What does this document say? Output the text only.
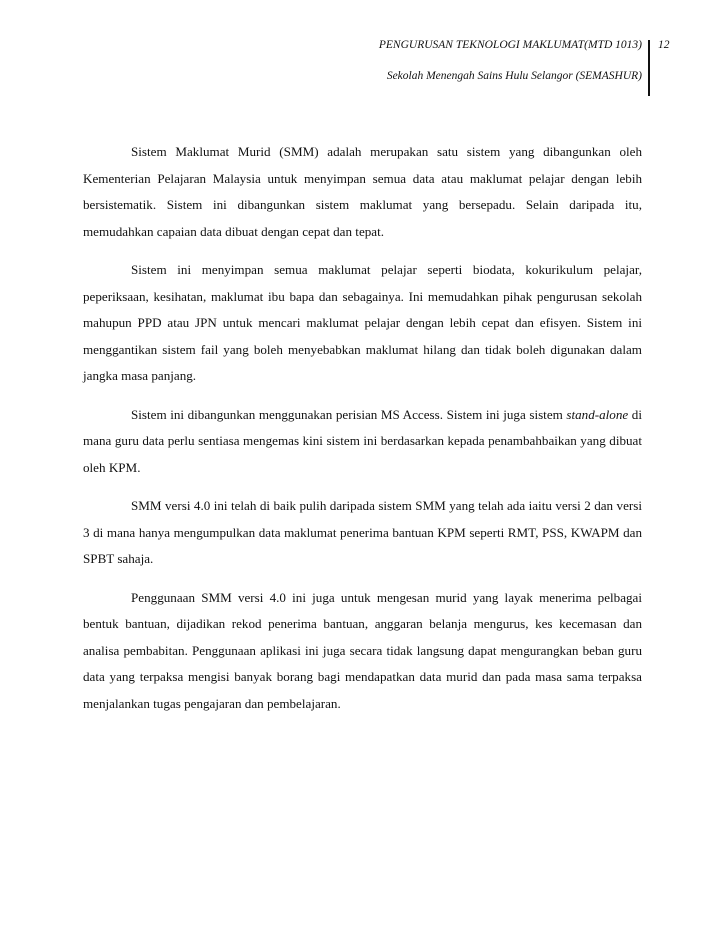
PENGURUSAN TEKNOLOGI MAKLUMAT(MTD 1013)
Sekolah Menengah Sains Hulu Selangor (SEMASHUR)
12

Sistem Maklumat Murid (SMM) adalah merupakan satu sistem yang dibangunkan oleh Kementerian Pelajaran Malaysia untuk menyimpan semua data atau maklumat pelajar dengan lebih bersistematik. Sistem ini dibangunkan sistem maklumat yang bersepadu. Selain daripada itu, memudahkan capaian data dibuat dengan cepat dan tepat.

Sistem ini menyimpan semua maklumat pelajar seperti biodata, kokurikulum pelajar, peperiksaan, kesihatan, maklumat ibu bapa dan sebagainya. Ini memudahkan pihak pengurusan sekolah mahupun PPD atau JPN untuk mencari maklumat pelajar dengan lebih cepat dan efisyen. Sistem ini menggantikan sistem fail yang boleh menyebabkan maklumat hilang dan tidak boleh digunakan dalam jangka masa panjang.

Sistem ini dibangunkan menggunakan perisian MS Access. Sistem ini juga sistem stand-alone di mana guru data perlu sentiasa mengemas kini sistem ini berdasarkan kepada penambahbaikan yang dibuat oleh KPM.

SMM versi 4.0 ini telah di baik pulih daripada sistem SMM yang telah ada iaitu versi 2 dan versi 3 di mana hanya mengumpulkan data maklumat penerima bantuan KPM seperti RMT, PSS, KWAPM dan SPBT sahaja.

Penggunaan SMM versi 4.0 ini juga untuk mengesan murid yang layak menerima pelbagai bentuk bantuan, dijadikan rekod penerima bantuan, anggaran belanja mengurus, kes kecemasan dan analisa pembabitan. Penggunaan aplikasi ini juga secara tidak langsung dapat mengurangkan beban guru data yang terpaksa mengisi banyak borang bagi mendapatkan data murid dan pada masa sama terpaksa menjalankan tugas pengajaran dan pembelajaran.
